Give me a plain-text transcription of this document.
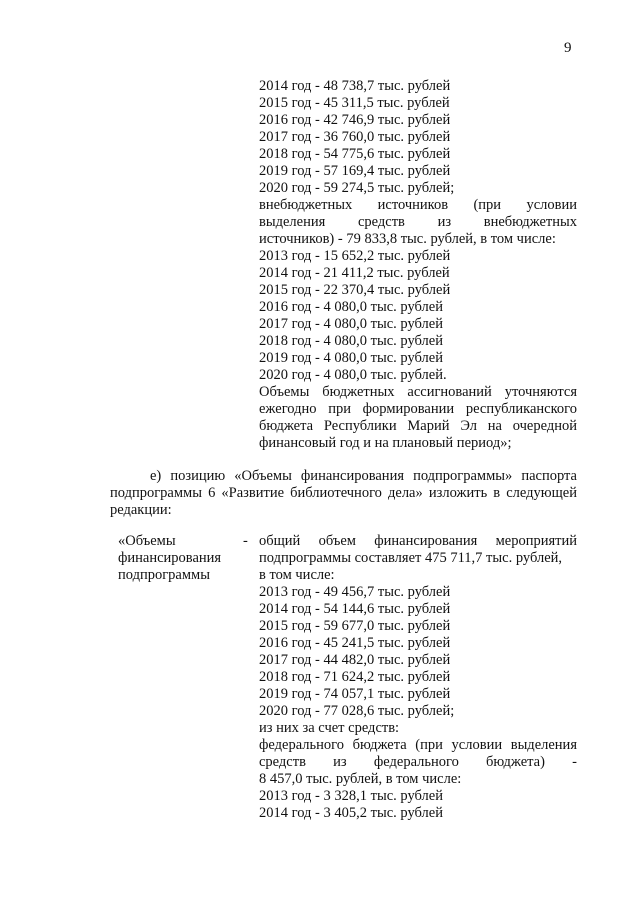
9
2014 год - 48 738,7 тыс. рублей
2015 год - 45 311,5 тыс. рублей
2016 год - 42 746,9 тыс. рублей
2017 год - 36 760,0 тыс. рублей
2018 год - 54 775,6 тыс. рублей
2019 год - 57 169,4 тыс. рублей
2020 год - 59 274,5 тыс. рублей;
внебюджетных источников (при условии
выделения средств из внебюджетных
источников) - 79 833,8 тыс. рублей, в том числе:
2013 год - 15 652,2 тыс. рублей
2014 год - 21 411,2 тыс. рублей
2015 год - 22 370,4 тыс. рублей
2016 год - 4 080,0 тыс. рублей
2017 год - 4 080,0 тыс. рублей
2018 год - 4 080,0 тыс. рублей
2019 год - 4 080,0 тыс. рублей
2020 год - 4 080,0 тыс. рублей.
Объемы бюджетных ассигнований уточняются
ежегодно при формировании республиканского
бюджета Республики Марий Эл на очередной
финансовый год и на плановый период»;
е) позицию «Объемы финансирования подпрограммы» паспорта
подпрограммы 6 «Развитие библиотечного дела» изложить в следующей
редакции:
«Объемы
финансирования
подпрограммы
- общий объем финансирования мероприятий
подпрограммы составляет 475 711,7 тыс. рублей,
в том числе:
2013 год - 49 456,7 тыс. рублей
2014 год - 54 144,6 тыс. рублей
2015 год - 59 677,0 тыс. рублей
2016 год - 45 241,5 тыс. рублей
2017 год - 44 482,0 тыс. рублей
2018 год - 71 624,2 тыс. рублей
2019 год - 74 057,1 тыс. рублей
2020 год - 77 028,6 тыс. рублей;
из них за счет средств:
федерального бюджета (при условии выделения
средств из федерального бюджета) -
8 457,0 тыс. рублей, в том числе:
2013 год - 3 328,1 тыс. рублей
2014 год - 3 405,2 тыс. рублей
